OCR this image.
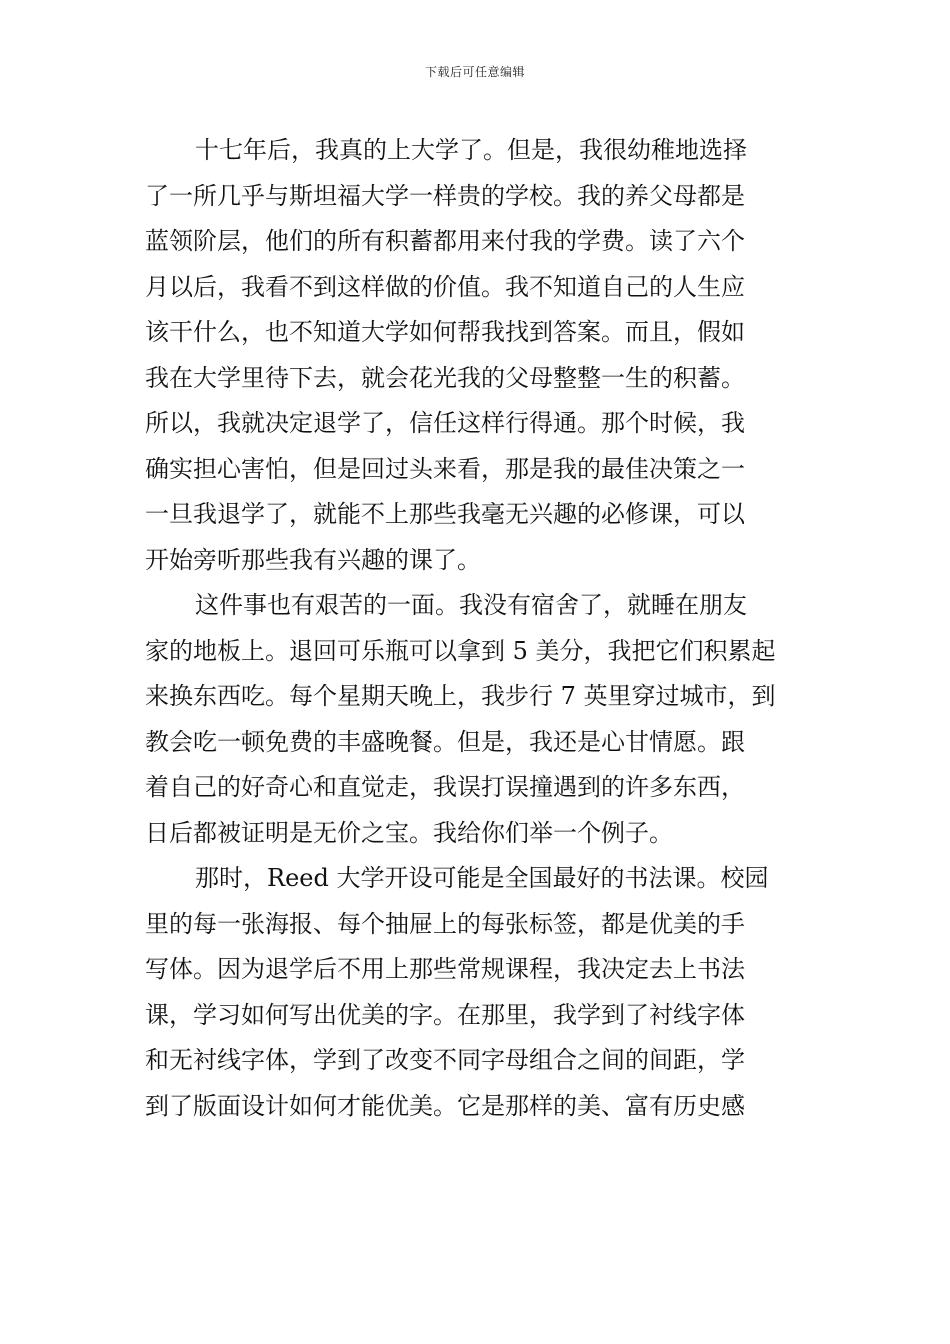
下载后可任意编辑
十七年后，我真的上大学了。但是，我很幼稚地选择
了一所几乎与斯坦福大学一样贵的学校。我的养父母都是
蓝领阶层，他们的所有积蓄都用来付我的学费。读了六个
月以后，我看不到这样做的价值。我不知道自己的人生应
该干什么，也不知道大学如何帮我找到答案。而且，假如
我在大学里待下去，就会花光我的父母整整一生的积蓄。
所以，我就决定退学了，信任这样行得通。那个时候，我
确实担心害怕，但是回过头来看，那是我的最佳决策之一
一旦我退学了，就能不上那些我毫无兴趣的必修课，可以
开始旁听那些我有兴趣的课了。
这件事也有艰苦的一面。我没有宿舍了，就睡在朋友
家的地板上。退回可乐瓶可以拿到 5 美分，我把它们积累起
来换东西吃。每个星期天晚上，我步行 7 英里穿过城市，到
教会吃一顿免费的丰盛晚餐。但是，我还是心甘情愿。跟
着自己的好奇心和直觉走，我误打误撞遇到的许多东西，
日后都被证明是无价之宝。我给你们举一个例子。
那时，Reed 大学开设可能是全国最好的书法课。校园
里的每一张海报、每个抽屉上的每张标签，都是优美的手
写体。因为退学后不用上那些常规课程，我决定去上书法
课，学习如何写出优美的字。在那里，我学到了衬线字体
和无衬线字体，学到了改变不同字母组合之间的间距，学
到了版面设计如何才能优美。它是那样的美、富有历史感
